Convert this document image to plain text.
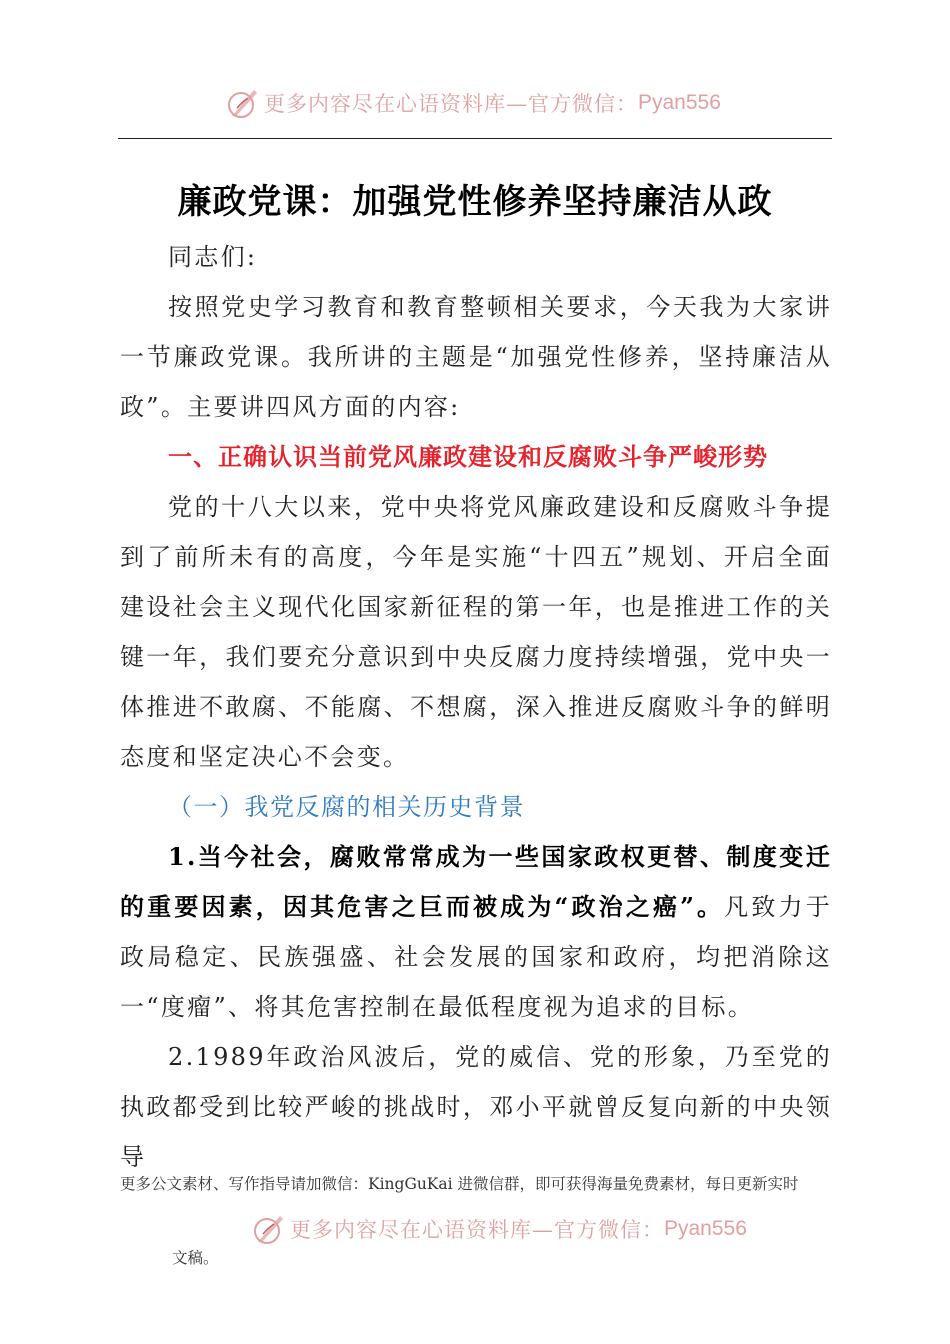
更多内容尽在心语资料库—官方微信： Pyan556
廉政党课：加强党性修养坚持廉洁从政

同志们:

按照党史学习教育和教育整顿相关要求，今天我为大家讲一节廉政党课。我所讲的主题是“加强党性修养，坚持廉洁从政”。主要讲四风方面的内容:

一、正确认识当前党风廉政建设和反腐败斗争严峻形势

党的十八大以来，党中央将党风廉政建设和反腐败斗争提到了前所未有的高度，今年是实施“十四五”规划、开启全面建设社会主义现代化国家新征程的第一年，也是推进工作的关键一年，我们要充分意识到中央反腐力度持续增强，党中央一体推进不敢腐、不能腐、不想腐，深入推进反腐败斗争的鲜明态度和坚定决心不会变。

（一）我党反腐的相关历史背景

1.当今社会，腐败常常成为一些国家政权更替、制度变迁的重要因素，因其危害之巨而被成为“政治之癌”。凡致力于政局稳定、民族强盛、社会发展的国家和政府，均把消除这一“度瘤”、将其危害控制在最低程度视为追求的目标。

2.1989年政治风波后，党的威信、党的形象，乃至党的执政都受到比较严峻的挑战时，邓小平就曾反复向新的中央领导

更多公文素材、写作指导请加微信：KingGuKai 进微信群，即可获得海量免费素材，每日更新实时
更多内容尽在心语资料库—官方微信： Pyan556
文稿。
